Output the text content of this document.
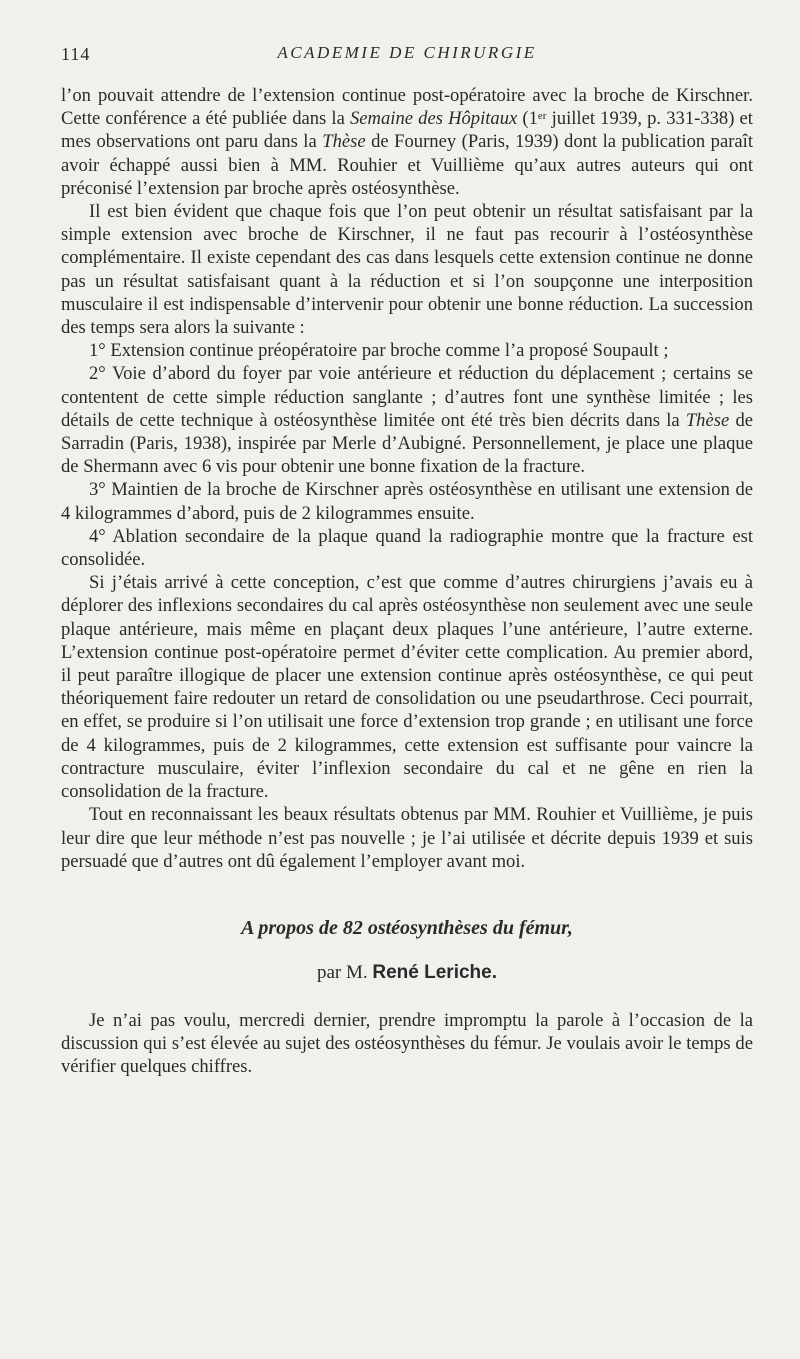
114	ACADEMIE DE CHIRURGIE

l’on pouvait attendre de l’extension continue post-opératoire avec la broche de Kirschner. Cette conférence a été publiée dans la Semaine des Hôpitaux (1er juillet 1939, p. 331-338) et mes observations ont paru dans la Thèse de Fourney (Paris, 1939) dont la publication paraît avoir échappé aussi bien à MM. Rouhier et Vuillième qu’aux autres auteurs qui ont préconisé l’extension par broche après ostéosynthèse.

Il est bien évident que chaque fois que l’on peut obtenir un résultat satisfaisant par la simple extension avec broche de Kirschner, il ne faut pas recourir à l’ostéosynthèse complémentaire. Il existe cependant des cas dans lesquels cette extension continue ne donne pas un résultat satisfaisant quant à la réduction et si l’on soupçonne une interposition musculaire il est indispensable d’intervenir pour obtenir une bonne réduction. La succession des temps sera alors la suivante :

1° Extension continue préopératoire par broche comme l’a proposé Soupault ;

2° Voie d’abord du foyer par voie antérieure et réduction du déplacement ; certains se contentent de cette simple réduction sanglante ; d’autres font une synthèse limitée ; les détails de cette technique à ostéosynthèse limitée ont été très bien décrits dans la Thèse de Sarradin (Paris, 1938), inspirée par Merle d’Aubigné. Personnellement, je place une plaque de Shermann avec 6 vis pour obtenir une bonne fixation de la fracture.

3° Maintien de la broche de Kirschner après ostéosynthèse en utilisant une extension de 4 kilogrammes d’abord, puis de 2 kilogrammes ensuite.

4° Ablation secondaire de la plaque quand la radiographie montre que la fracture est consolidée.

Si j’étais arrivé à cette conception, c’est que comme d’autres chirurgiens j’avais eu à déplorer des inflexions secondaires du cal après ostéosynthèse non seulement avec une seule plaque antérieure, mais même en plaçant deux plaques l’une antérieure, l’autre externe. L’extension continue post-opératoire permet d’éviter cette complication. Au premier abord, il peut paraître illogique de placer une extension continue après ostéosynthèse, ce qui peut théoriquement faire redouter un retard de consolidation ou une pseudarthrose. Ceci pourrait, en effet, se produire si l’on utilisait une force d’extension trop grande ; en utilisant une force de 4 kilogrammes, puis de 2 kilogrammes, cette extension est suffisante pour vaincre la contracture musculaire, éviter l’inflexion secondaire du cal et ne gêne en rien la consolidation de la fracture.

Tout en reconnaissant les beaux résultats obtenus par MM. Rouhier et Vuillième, je puis leur dire que leur méthode n’est pas nouvelle ; je l’ai utilisée et décrite depuis 1939 et suis persuadé que d’autres ont dû également l’employer avant moi.

A propos de 82 ostéosynthèses du fémur,
par M. René Leriche.

Je n’ai pas voulu, mercredi dernier, prendre impromptu la parole à l’occasion de la discussion qui s’est élevée au sujet des ostéosynthèses du fémur. Je voulais avoir le temps de vérifier quelques chiffres.
